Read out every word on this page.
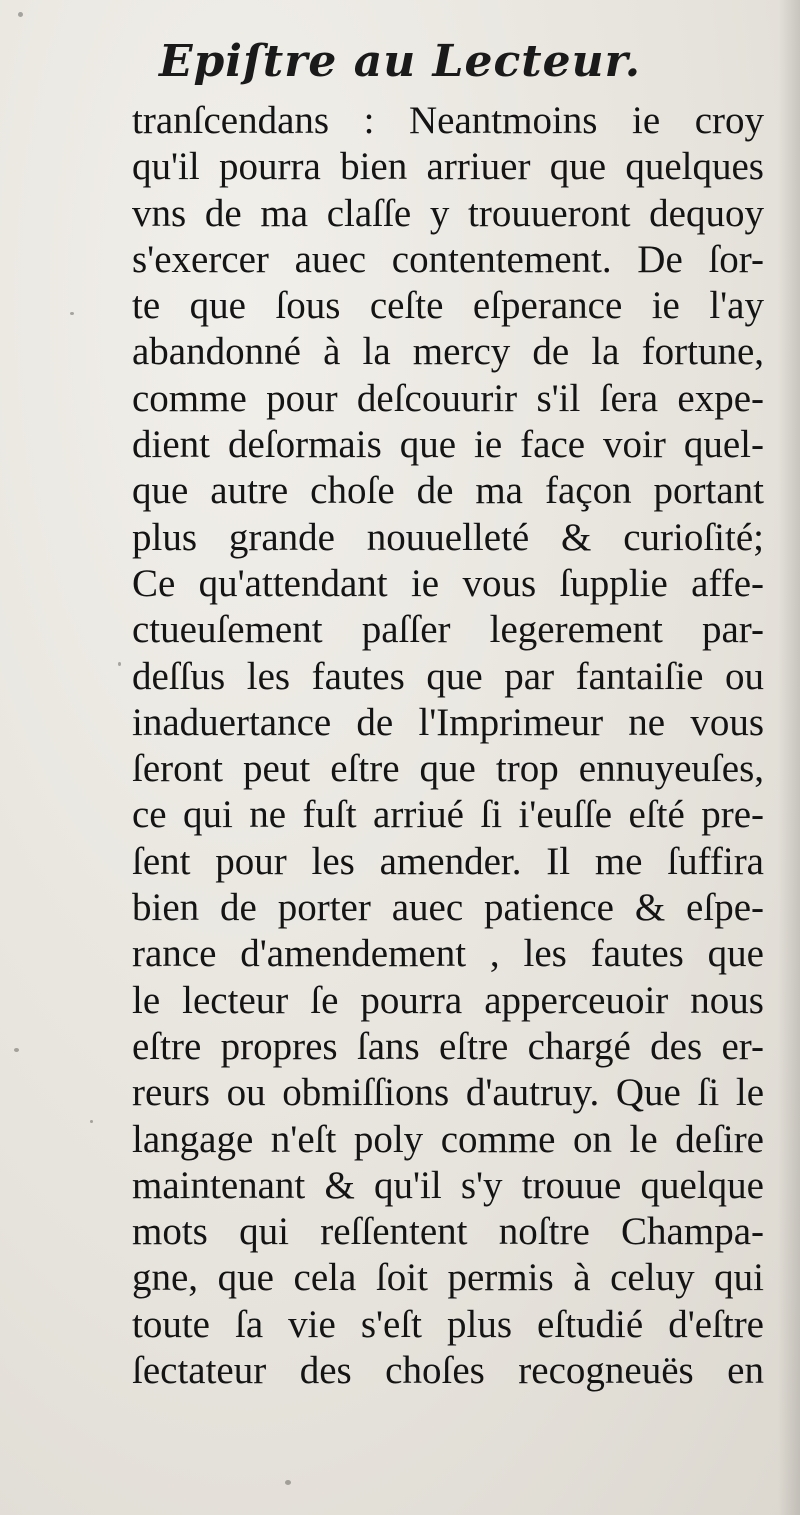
Epiſtre au Lecteur.
tranſcendans : Neantmoins ie croy
qu'il pourra bien arriuer que quelques
vns de ma claſſe y trouueront dequoy
s'exercer auec contentement. De ſor-
te que ſous ceſte eſperance ie l'ay
abandonné à la mercy de la fortune,
comme pour deſcouurir s'il ſera expe-
dient deſormais que ie face voir quel-
que autre choſe de ma façon portant
plus grande nouuelleté & curioſité;
Ce qu'attendant ie vous ſupplie affe-
ctueuſement paſſer legerement par-
deſſus les fautes que par fantaiſie ou
inaduertance de l'Imprimeur ne vous
ſeront peut eſtre que trop ennuyeuſes,
ce qui ne fuſt arriué ſi i'euſſe eſté pre-
ſent pour les amender. Il me ſuffira
bien de porter auec patience & eſpe-
rance d'amendement , les fautes que
le lecteur ſe pourra apperceuoir nous
eſtre propres ſans eſtre chargé des er-
reurs ou obmiſſions d'autruy. Que ſi le
langage n'eſt poly comme on le deſire
maintenant & qu'il s'y trouue quelque
mots qui reſſentent noſtre Champa-
gne, que cela ſoit permis à celuy qui
toute ſa vie s'eſt plus eſtudié d'eſtre
ſectateur des choſes recogneuës en
